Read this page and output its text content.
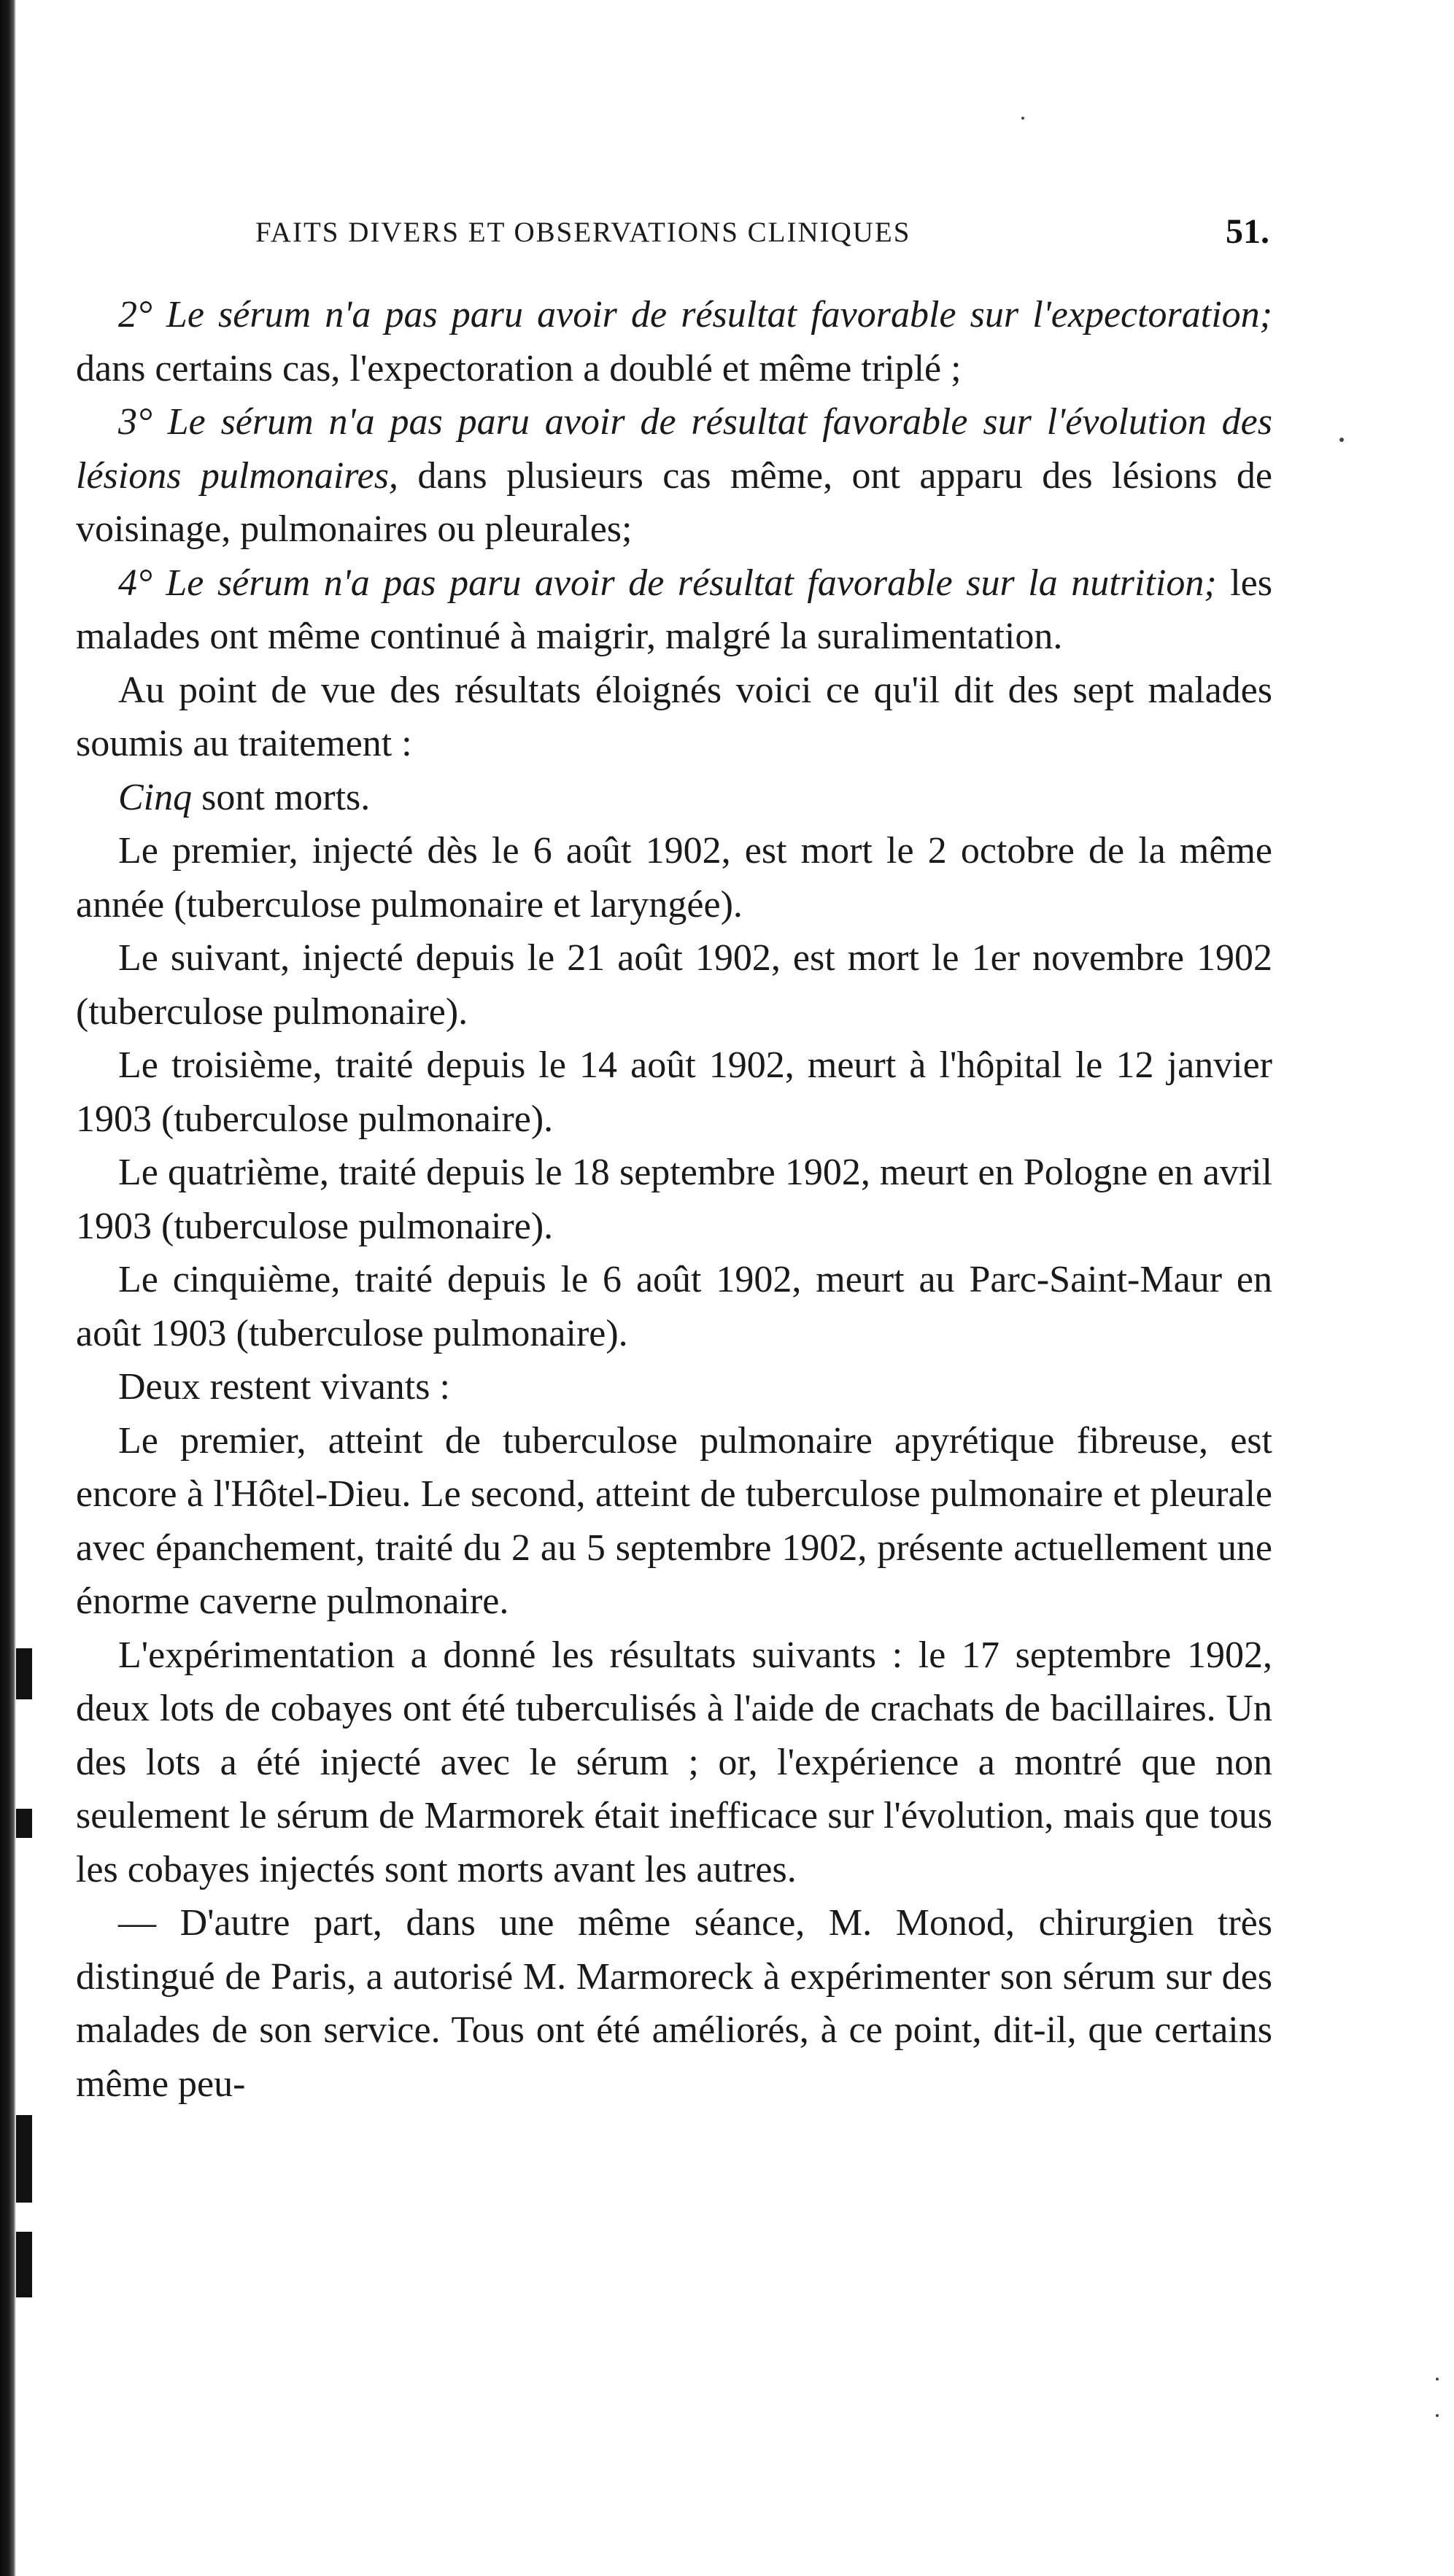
FAITS DIVERS ET OBSERVATIONS CLINIQUES	51.

2° Le sérum n'a pas paru avoir de résultat favorable sur l'expectoration; dans certains cas, l'expectoration a doublé et même triplé ;

3° Le sérum n'a pas paru avoir de résultat favorable sur l'évolution des lésions pulmonaires, dans plusieurs cas même, ont apparu des lésions de voisinage, pulmonaires ou pleurales;

4° Le sérum n'a pas paru avoir de résultat favorable sur la nutrition; les malades ont même continué à maigrir, malgré la suralimentation.

Au point de vue des résultats éloignés voici ce qu'il dit des sept malades soumis au traitement :

Cinq sont morts.

Le premier, injecté dès le 6 août 1902, est mort le 2 octobre de la même année (tuberculose pulmonaire et laryngée).

Le suivant, injecté depuis le 21 août 1902, est mort le 1er novembre 1902 (tuberculose pulmonaire).

Le troisième, traité depuis le 14 août 1902, meurt à l'hôpital le 12 janvier 1903 (tuberculose pulmonaire).

Le quatrième, traité depuis le 18 septembre 1902, meurt en Pologne en avril 1903 (tuberculose pulmonaire).

Le cinquième, traité depuis le 6 août 1902, meurt au Parc-Saint-Maur en août 1903 (tuberculose pulmonaire).

Deux restent vivants :

Le premier, atteint de tuberculose pulmonaire apyrétique fibreuse, est encore à l'Hôtel-Dieu. Le second, atteint de tuberculose pulmonaire et pleurale avec épanchement, traité du 2 au 5 septembre 1902, présente actuellement une énorme caverne pulmonaire.

L'expérimentation a donné les résultats suivants : le 17 septembre 1902, deux lots de cobayes ont été tuberculisés à l'aide de crachats de bacillaires. Un des lots a été injecté avec le sérum ; or, l'expérience a montré que non seulement le sérum de Marmorek était inefficace sur l'évolution, mais que tous les cobayes injectés sont morts avant les autres.

— D'autre part, dans une même séance, M. Monod, chirurgien très distingué de Paris, a autorisé M. Marmoreck à expérimenter son sérum sur des malades de son service. Tous ont été améliorés, à ce point, dit-il, que certains même peu-
